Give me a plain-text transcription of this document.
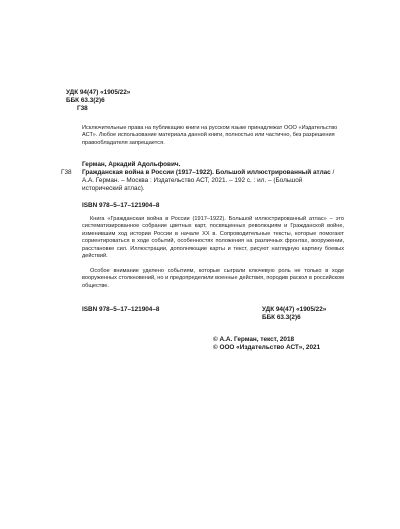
УДК 94(47) «1905/22»
ББК 63.3(2)6
Г38

Исключительные права на публикацию книги на русском языке принадлежат ООО «Издательство АСТ». Любое использование материала данной книги, полностью или частично, без разрешения правообладателя запрещается.

Герман, Аркадий Адольфович.
Г38	Гражданская война в России (1917–1922). Большой иллюстрированный атлас / А.А. Герман. – Москва : Издательство АСТ, 2021. – 192 с. : ил. – (Большой исторический атлас).

ISBN 978–5–17–121904–8

Книга «Гражданская война в России (1917–1922). Большой иллюстрированный атлас» – это систематизированное собрание цветных карт, посвященных революциям и Гражданской войне, изменившим ход истории России в начале XX в. Сопроводительные тексты, которые помогают сориентироваться в ходе событий, особенностях положения на различных фронтах, вооружении, расстановке сил. Иллюстрации, дополняющие карты и текст, рисуют наглядную картину боевых действий.

Особое внимание уделено событиям, которые сыграли ключевую роль не только в ходе вооруженных столкновений, но и предопределили военные действия, породив раскол в российском обществе.

ISBN 978–5–17–121904–8	УДК 94(47) «1905/22»
ББК 63.3(2)6
© А.А. Герман, текст, 2018
© ООО «Издательство АСТ», 2021
